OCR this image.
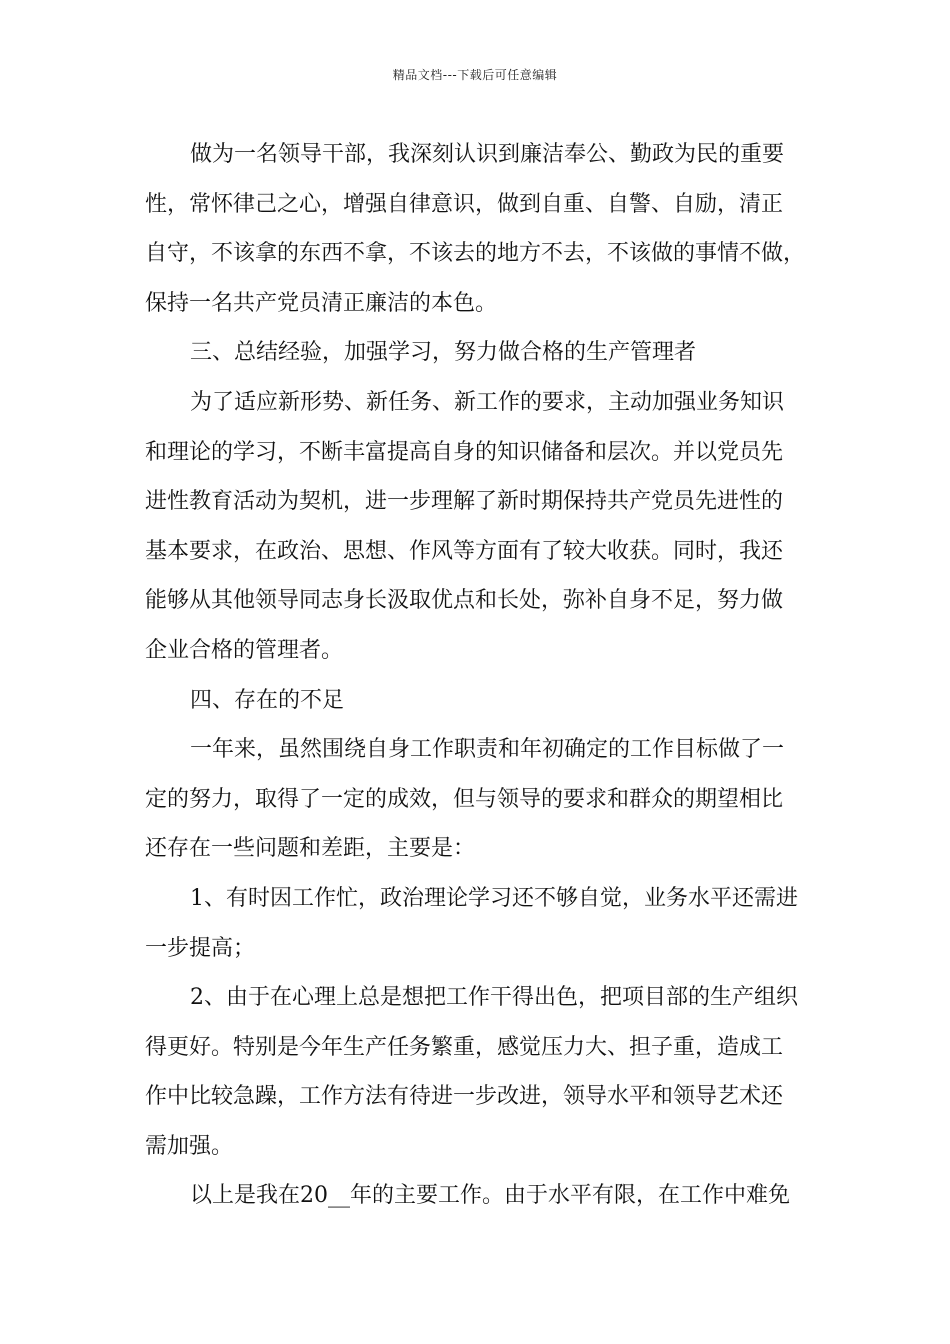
精品文档---下载后可任意编辑
做为一名领导干部，我深刻认识到廉洁奉公、勤政为民的重要
性，常怀律己之心，增强自律意识，做到自重、自警、自励，清正
自守，不该拿的东西不拿，不该去的地方不去，不该做的事情不做，
保持一名共产党员清正廉洁的本色。
三、总结经验，加强学习，努力做合格的生产管理者
为了适应新形势、新任务、新工作的要求，主动加强业务知识
和理论的学习，不断丰富提高自身的知识储备和层次。并以党员先
进性教育活动为契机，进一步理解了新时期保持共产党员先进性的
基本要求，在政治、思想、作风等方面有了较大收获。同时，我还
能够从其他领导同志身长汲取优点和长处，弥补自身不足，努力做
企业合格的管理者。
四、存在的不足
一年来，虽然围绕自身工作职责和年初确定的工作目标做了一
定的努力，取得了一定的成效，但与领导的要求和群众的期望相比
还存在一些问题和差距，主要是：
1、有时因工作忙，政治理论学习还不够自觉，业务水平还需进
一步提高；
2、由于在心理上总是想把工作干得出色，把项目部的生产组织
得更好。特别是今年生产任务繁重，感觉压力大、担子重，造成工
作中比较急躁，工作方法有待进一步改进，领导水平和领导艺术还
需加强。
以上是我在20__年的主要工作。由于水平有限，在工作中难免
